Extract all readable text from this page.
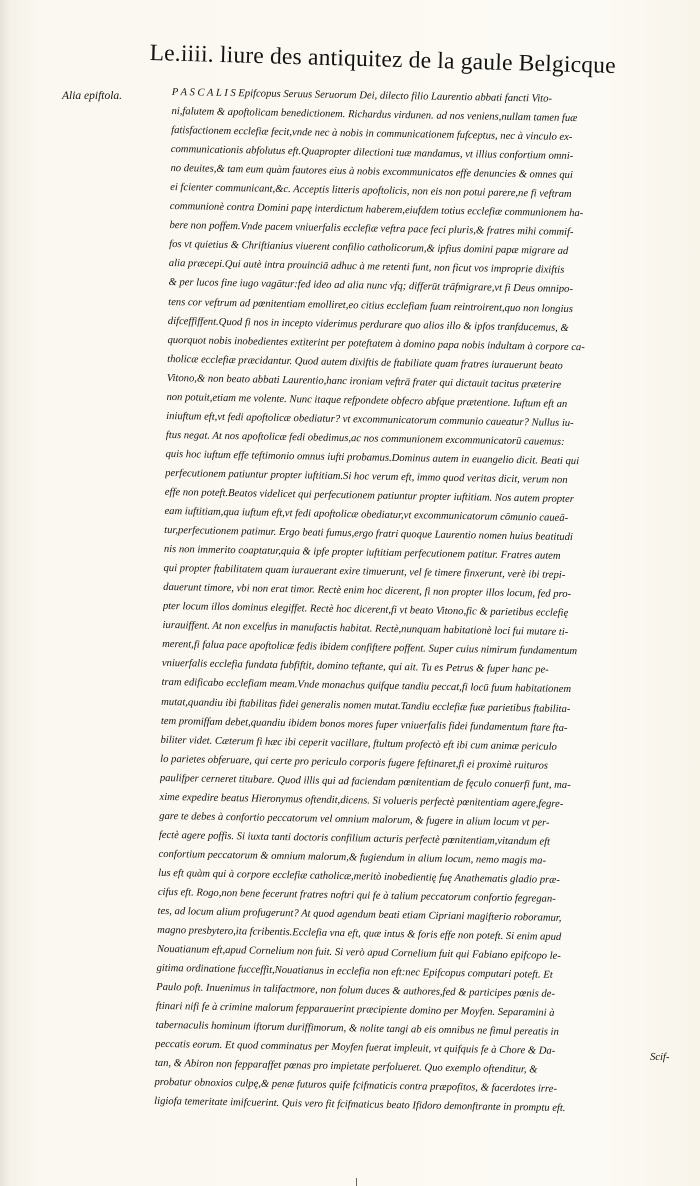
Le.iiii. liure des antiquitez de la gaule Belgicque
Alia epiftola.	P A S C A L I S Epifcopus Seruus Seruorum Dei, dilecto filio Laurentio abbati fancti Vito-
ni,falutem & apoftolicam benedictionem. Richardus virdunen. ad nos veniens,nullam tamen fuæ
fatisfactionem ecclefiæ fecit,vnde nec à nobis in communicationem fufceptus, nec à vinculo ex-
communicationis abfolutus eft.Quapropter dilectioni tuæ mandamus, vt illius confortium omni-
no deuites,& tam eum quàm fautores eius à nobis excommunicatos effe denuncies & omnes qui
ei fcienter communicant,&c. Acceptis litteris apoftolicis, non eis non potui parere,ne fi veftram
communionè contra Domini papę interdictum haberem,eiufdem totius ecclefiæ communionem ha-
bere non poffem.Vnde pacem vniuerfalis ecclefiæ veftra pace feci pluris,& fratres mihi commif-
fos vt quietius & Chriftianius viuerent confilio catholicorum,& ipfius domini papæ migrare ad
alia præcepi.Qui autè intra prouinciā adhuc à me retenti funt, non ficut vos improprie dixiftis
& per lucos fine iugo vagātur:fed ideo ad alia nunc vfq; differūt trāfmigrare,vt fi Deus omnipo-
tens cor veftrum ad pœnitentiam emolliret,eo citius ecclefiam fuam reintroirent,quo non longius
difceffiffent.Quod fi nos in incepto viderimus perdurare quo alios illo & ipfos tranfducemus, &
quorquot nobis inobedientes extiterint per poteftatem à domino papa nobis indultam à corpore ca-
tholicæ ecclefiæ præcidantur. Quod autem dixiftis de ftabiliate quam fratres iurauerunt beato
Vitono,& non beato abbati Laurentio,hanc ironiam veftrā frater qui dictauit tacitus præterire
non potuit,etiam me volente. Nunc itaque refpondete obfecro abfque prætentione. Iuftum eft an
iniuftum eft,vt fedi apoftolicæ obediatur? vt excommunicatorum communio caueatur? Nullus iu-
ftus negat. At nos apoftolicæ fedi obedimus,ac nos communionem excommunicatorū cauemus:
quis hoc iuftum effe teftimonio omnus iufti probamus.Dominus autem in euangelio dicit. Beati qui
perfecutionem patiuntur propter iuftitiam.Si hoc verum eft, immo quod veritas dicit, verum non
effe non poteft.Beatos videlicet qui perfecutionem patiuntur propter iuftitiam. Nos autem propter
eam iuftitiam,qua iuftum eft,vt fedi apoftolicæ obediatur,vt excommunicatorum cōmunio caueā-
tur,perfecutionem patimur. Ergo beati fumus,ergo fratri quoque Laurentio nomen huius beatitudi
nis non immerito coaptatur,quia & ipfe propter iuftitiam perfecutionem patitur. Fratres autem
qui propter ftabilitatem quam iurauerant exire timuerunt, vel fe timere finxerunt, verè ibi trepi-
dauerunt timore, vbi non erat timor. Rectè enim hoc dicerent, fi non propter illos locum, fed pro-
pter locum illos dominus elegiffet. Rectè hoc dicerent,fi vt beato Vitono,fic & parietibus ecclefię
iurauiffent. At non excelfus in manufactis habitat. Rectè,nunquam habitationè loci fui mutare ti-
merent,fi falua pace apoftolicæ fedis ibidem confiftere poffent. Super cuius nimirum fundamentum
vniuerfalis ecclefia fundata fubfiftit, domino teftante, qui ait. Tu es Petrus & fuper hanc pe-
tram edificabo ecclefiam meam.Vnde monachus quifque tandiu peccat,fi locū fuum habitationem
mutat,quandiu ibi ftabilitas fidei generalis nomen mutat.Tandiu ecclefiæ fuæ parietibus ftabilita-
tem promiffam debet,quandiu ibidem bonos mores fuper vniuerfalis fidei fundamentum ftare fta-
biliter videt. Cæterum fi hæc ibi ceperit vacillare, ftultum profectò eft ibi cum animæ periculo
lo parietes obferuare, qui certe pro periculo corporis fugere feftinaret,fi ei proximè ruituros
paulifper cerneret titubare. Quod illis qui ad faciendam pœnitentiam de fęculo conuerfi funt, ma-
xime expedire beatus Hieronymus oftendit,dicens. Si volueris perfectè pœnitentiam agere,fegre-
gare te debes à confortio peccatorum vel omnium malorum, & fugere in alium locum vt per-
fectè agere poffis. Si iuxta tanti doctoris confilium acturis perfectè pœnitentiam,vitandum eft
confortium peccatorum & omnium malorum,& fugiendum in alium locum, nemo magis ma-
lus eft quàm qui à corpore ecclefiæ catholicæ,meritò inobedientię fuę Anathematis gladio præ-
cifus eft. Rogo,non bene fecerunt fratres noftri qui fe à talium peccatorum confortio fegregan-
tes, ad locum alium profugerunt? At quod agendum beati etiam Cipriani magifterio roboramur,
magno presbytero,ita fcribentis.Ecclefia vna eft, quæ intus & foris effe non poteft. Si enim apud
Nouatianum eft,apud Cornelium non fuit. Si verò apud Cornelium fuit qui Fabiano epifcopo le-
gitima ordinatione fucceffit,Nouatianus in ecclefia non eft:nec Epifcopus computari poteft. Et
Paulo poft. Inuenimus in talifactmore, non folum duces & authores,fed & participes pœnis de-
ftinari nifi fe à crimine malorum fepparauerint præcipiente domino per Moyfen. Separamini à
tabernaculis hominum iftorum duriffimorum, & nolite tangi ab eis omnibus ne fimul pereatis in
peccatis eorum. Et quod comminatus per Moyfen fuerat impleuit, vt quifquis fe à Chore & Da-
tan, & Abiron non fepparaffet pœnas pro impietate perfolueret. Quo exemplo oftenditur, &
probatur obnoxios culpę,& penæ futuros quife fcifmaticis contra præpofitos, & facerdotes irre-
ligiofa temeritate imifcuerint. Quis vero fit fcifmaticus beato Ifidoro demonftrante in promptu eft.
Scif-
